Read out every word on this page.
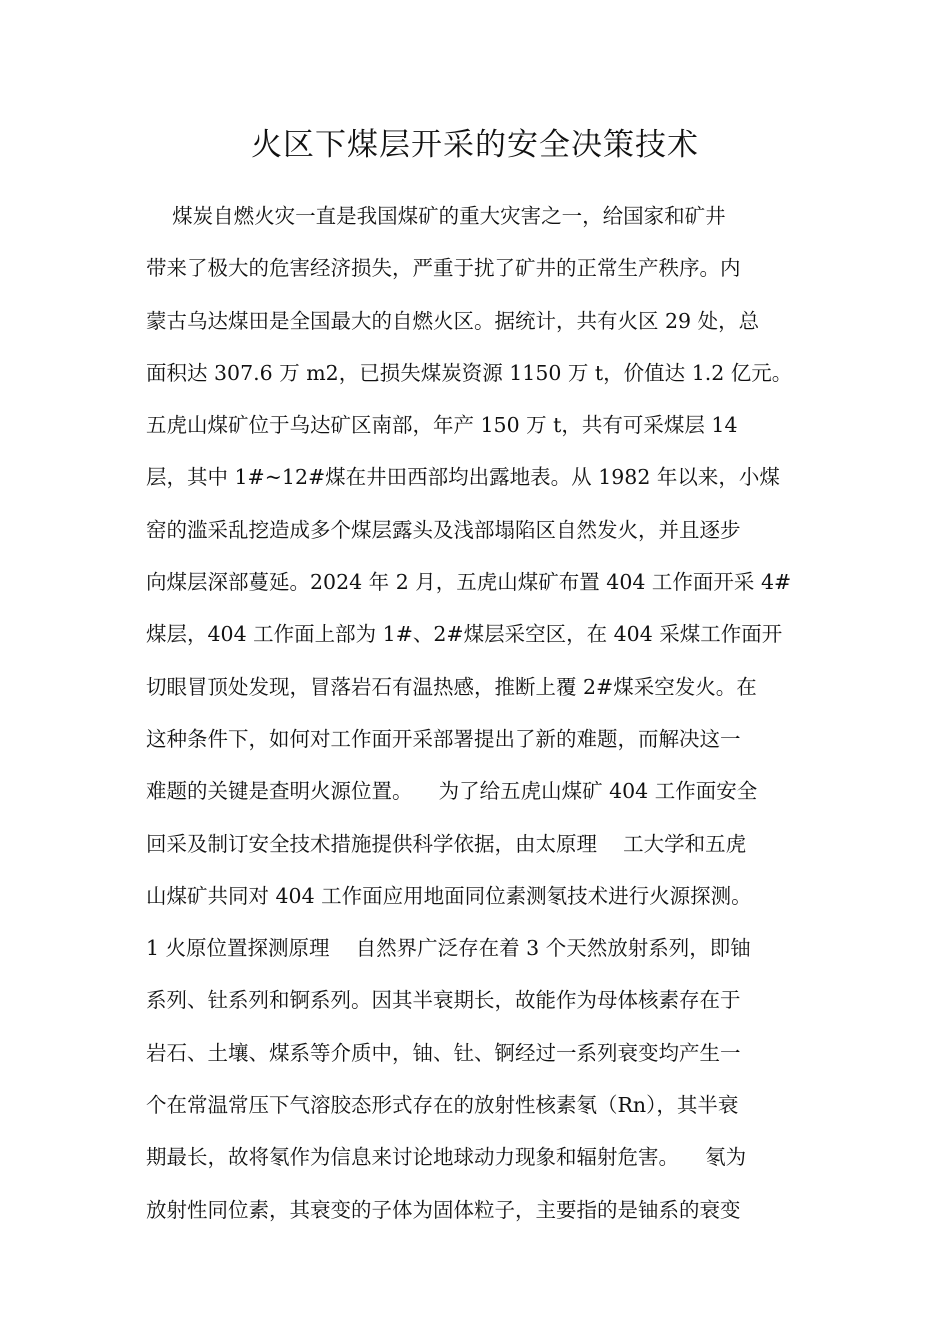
火区下煤层开采的安全决策技术
煤炭自燃火灾一直是我国煤矿的重大灾害之一，给国家和矿井
带来了极大的危害经济损失，严重于扰了矿井的正常生产秩序。内
蒙古乌达煤田是全国最大的自燃火区。据统计，共有火区 29 处，总
面积达 307.6 万 m2，已损失煤炭资源 1150 万 t，价值达 1.2 亿元。
五虎山煤矿位于乌达矿区南部，年产 150 万 t，共有可采煤层 14
层，其中 1#~12#煤在井田西部均出露地表。从 1982 年以来，小煤
窑的滥采乱挖造成多个煤层露头及浅部塌陷区自然发火，并且逐步
向煤层深部蔓延。2024 年 2 月，五虎山煤矿布置 404 工作面开采 4#
煤层，404 工作面上部为 1#、2#煤层采空区，在 404 采煤工作面开
切眼冒顶处发现，冒落岩石有温热感，推断上覆 2#煤采空发火。在
这种条件下，如何对工作面开采部署提出了新的难题，而解决这一
难题的关键是查明火源位置。    为了给五虎山煤矿 404 工作面安全
回采及制订安全技术措施提供科学依据，由太原理    工大学和五虎
山煤矿共同对 404 工作面应用地面同位素测氡技术进行火源探测。
1 火原位置探测原理    自然界广泛存在着 3 个天然放射系列，即铀
系列、钍系列和锕系列。因其半衰期长，故能作为母体核素存在于
岩石、土壤、煤系等介质中，铀、钍、锕经过一系列衰变均产生一
个在常温常压下气溶胶态形式存在的放射性核素氡（Rn），其半衰
期最长，故将氡作为信息来讨论地球动力现象和辐射危害。    氡为
放射性同位素，其衰变的子体为固体粒子，主要指的是铀系的衰变
